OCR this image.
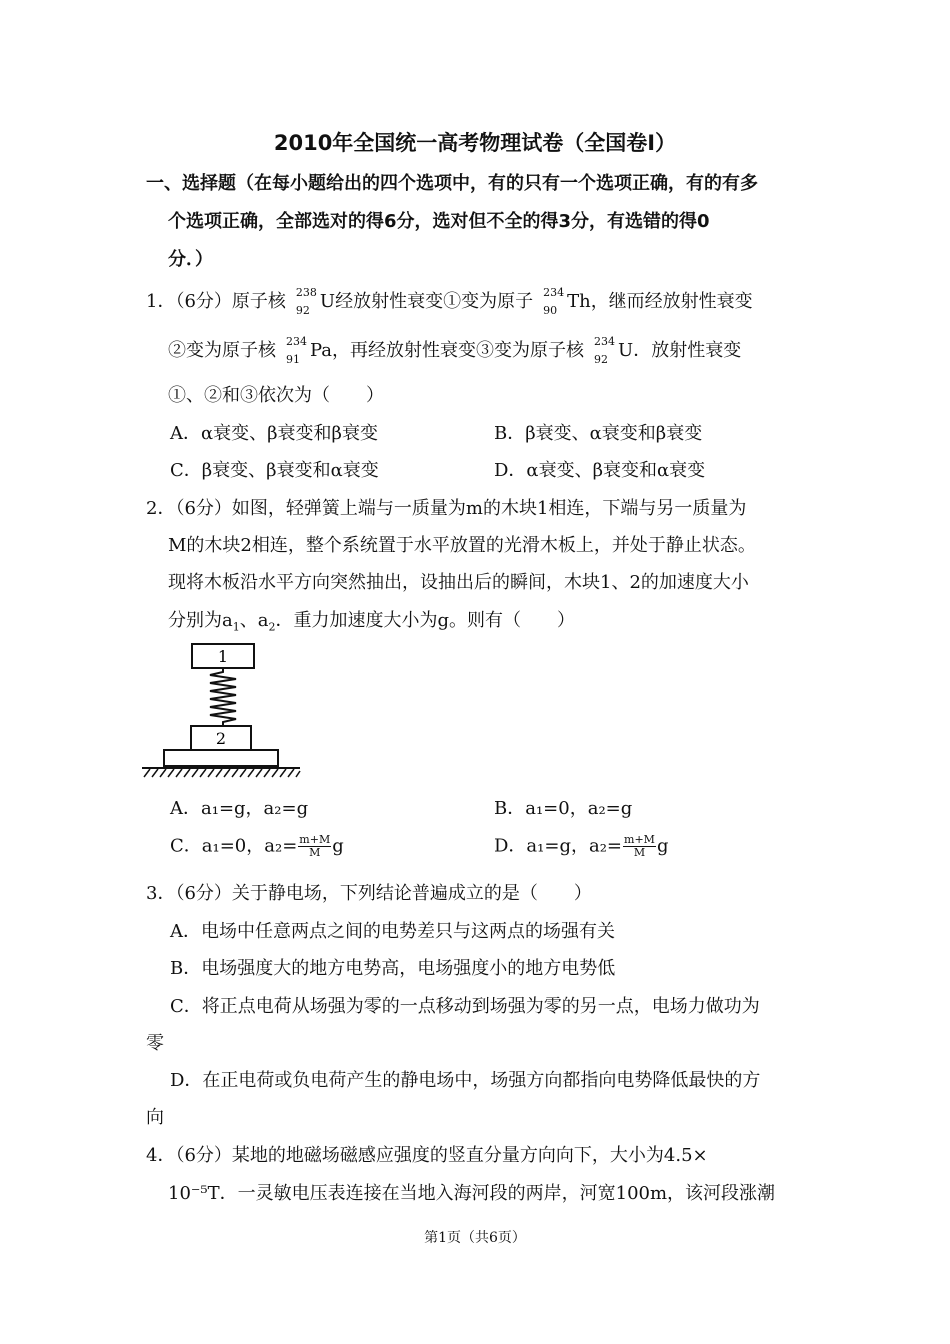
2010年全国统一高考物理试卷（全国卷Ⅰ）
一、选择题（在每小题给出的四个选项中，有的只有一个选项正确，有的有多
个选项正确，全部选对的得6分，选对但不全的得3分，有选错的得0
分．）
1．（6分）原子核 238
92 U经放射性衰变①变为原子 234
90 Th，继而经放射性衰变
②变为原子核 234
91 Pa，再经放射性衰变③变为原子核 234
92 U．放射性衰变
①、②和③依次为（　　）
A．α衰变、β衰变和β衰变	B．β衰变、α衰变和β衰变
C．β衰变、β衰变和α衰变	D．α衰变、β衰变和α衰变
2．（6分）如图，轻弹簧上端与一质量为m的木块1相连，下端与另一质量为
M的木块2相连，整个系统置于水平放置的光滑木板上，并处于静止状态。
现将木板沿水平方向突然抽出，设抽出后的瞬间，木块1、2的加速度大小
分别为$a_1$、$a_2$．重力加速度大小为g。则有（　　）
1
2
A．a₁=g，a₂=g	B．a₁=0，a₂=g
C．a₁=0，$a_2= \frac{m+M}{M}$ g	D．a₁=g，$a_2= \frac{m+M}{M}$ g
3．（6分）关于静电场，下列结论普遍成立的是（　　）
A．电场中任意两点之间的电势差只与这两点的场强有关
B．电场强度大的地方电势高，电场强度小的地方电势低
C．将正点电荷从场强为零的一点移动到场强为零的另一点，电场力做功为
零
D．在正电荷或负电荷产生的静电场中，场强方向都指向电势降低最快的方
向
4．（6分）某地的地磁场磁感应强度的竖直分量方向向下，大小为4.5×
10⁻⁵T．一灵敏电压表连接在当地入海河段的两岸，河宽100m，该河段涨潮
第1页（共6页）
